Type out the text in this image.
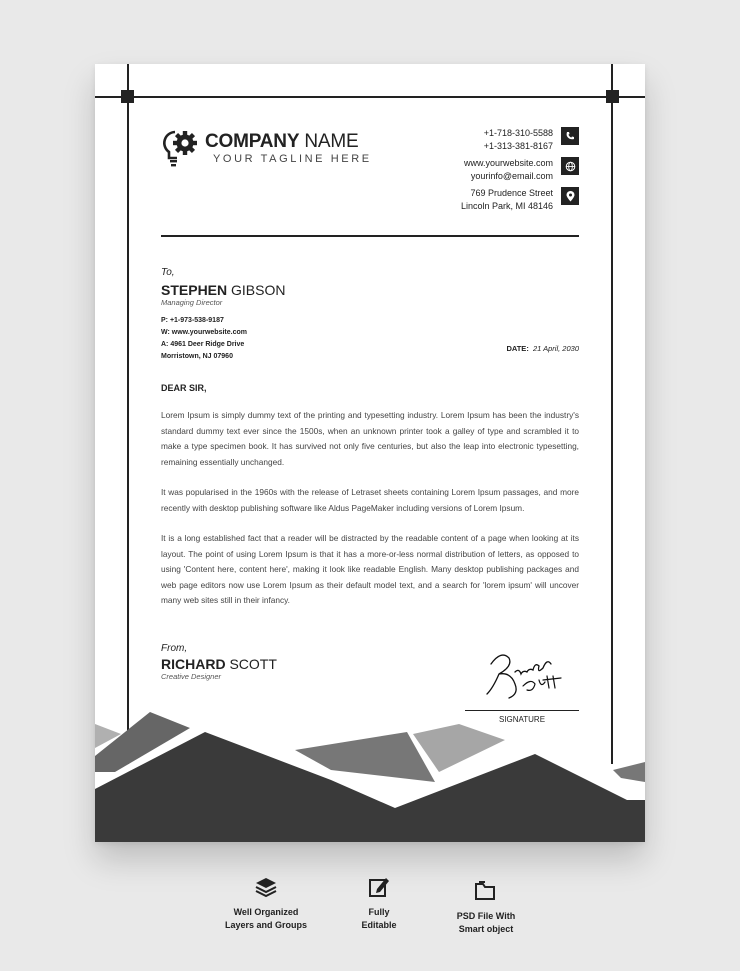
COMPANY NAME
YOUR TAGLINE HERE
+1-718-310-5588
+1-313-381-8167
www.yourwebsite.com
yourinfo@email.com
769 Prudence Street
Lincoln Park, MI 48146
To,
STEPHEN GIBSON
Managing Director
P: +1-973-538-9187
W: www.yourwebsite.com
A: 4961 Deer Ridge Drive
Morristown, NJ 07960
DATE: 21 April, 2030
DEAR SIR,

Lorem Ipsum is simply dummy text of the printing and typesetting industry. Lorem Ipsum has been the industry's standard dummy text ever since the 1500s, when an unknown printer took a galley of type and scrambled it to make a type specimen book. It has survived not only five centuries, but also the leap into electronic typesetting, remaining essentially unchanged.

It was popularised in the 1960s with the release of Letraset sheets containing Lorem Ipsum passages, and more recently with desktop publishing software like Aldus PageMaker including versions of Lorem Ipsum.

It is a long established fact that a reader will be distracted by the readable content of a page when looking at its layout. The point of using Lorem Ipsum is that it has a more-or-less normal distribution of letters, as opposed to using 'Content here, content here', making it look like readable English. Many desktop publishing packages and web page editors now use Lorem Ipsum as their default model text, and a search for 'lorem ipsum' will uncover many web sites still in their infancy.

From,
RICHARD SCOTT
Creative Designer
SIGNATURE
Well Organized
Layers and Groups
Fully
Editable
PSD File With
Smart object
